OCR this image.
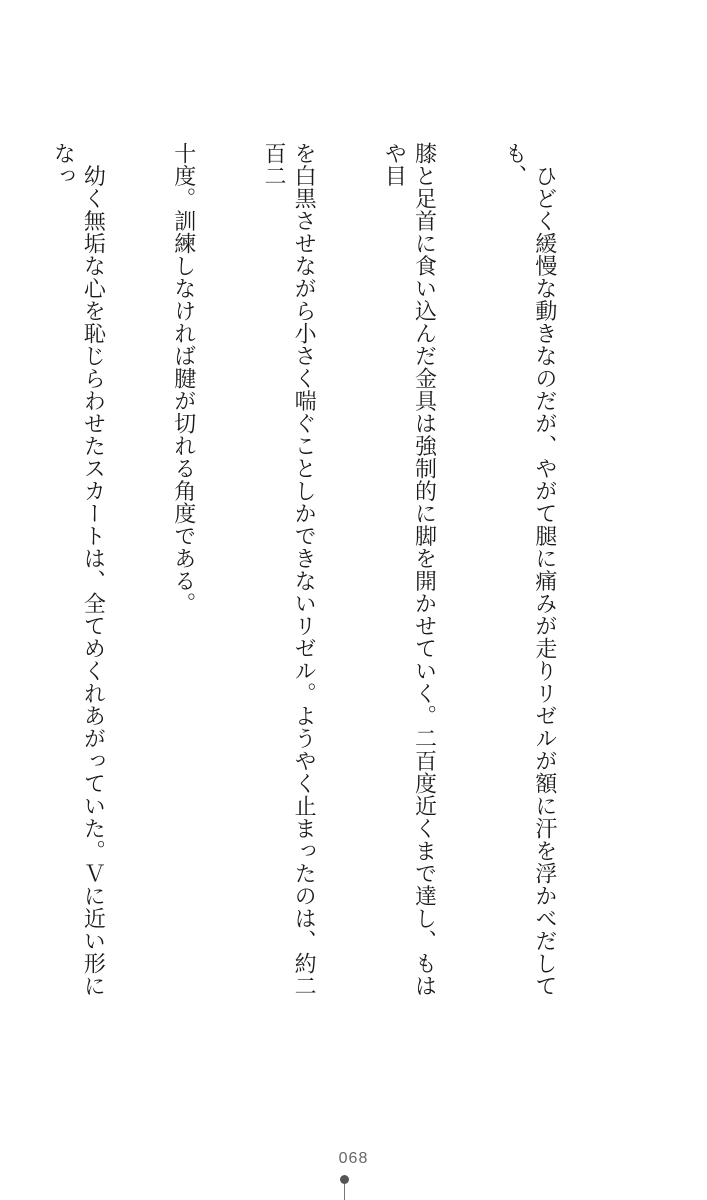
　ひどく緩慢な動きなのだが、やがて腿に痛みが走りリゼルが額に汗を浮かべだしても、

膝と足首に食い込んだ金具は強制的に脚を開かせていく。二百度近くまで達し、もはや目

を白黒させながら小さく喘ぐことしかできないリゼル。ようやく止まったのは、約二百二

十度。訓練しなければ腱が切れる角度である。

　幼く無垢な心を恥じらわせたスカートは、全てめくれあがっていた。Ｖに近い形になっ

068
